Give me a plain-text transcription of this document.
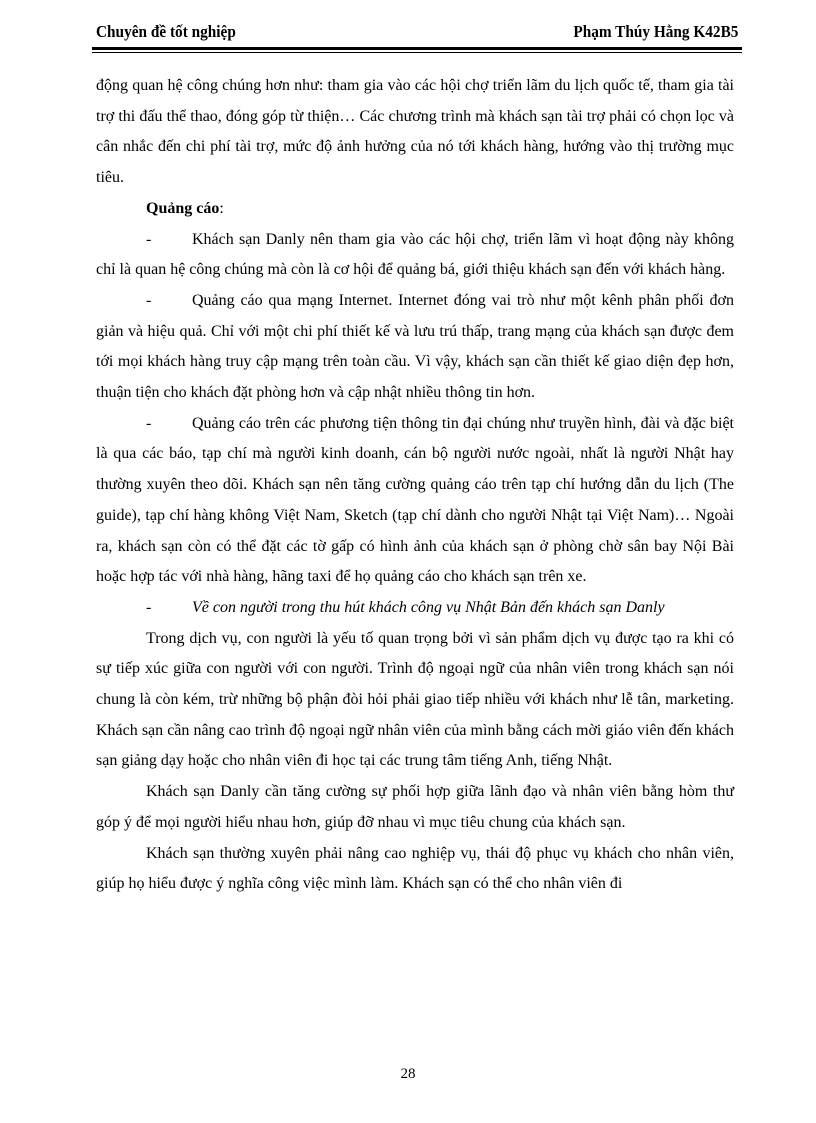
Chuyên đề tốt nghiệp	Phạm Thúy Hằng K42B5

động quan hệ công chúng hơn như: tham gia vào các hội chợ triển lãm du lịch quốc tế, tham gia tài trợ thi đấu thể thao, đóng góp từ thiện… Các chương trình mà khách sạn tài trợ phải có chọn lọc và cân nhắc đến chi phí tài trợ, mức độ ảnh hưởng của nó tới khách hàng, hướng vào thị trường mục tiêu.

Quảng cáo:

-	Khách sạn Danly nên tham gia vào các hội chợ, triển lãm vì hoạt động này không chỉ là quan hệ công chúng mà còn là cơ hội để quảng bá, giới thiệu khách sạn đến với khách hàng.

-	Quảng cáo qua mạng Internet. Internet đóng vai trò như một kênh phân phối đơn giản và hiệu quả. Chỉ với một chi phí thiết kế và lưu trú thấp, trang mạng của khách sạn được đem tới mọi khách hàng truy cập mạng trên toàn cầu. Vì vậy, khách sạn cần thiết kế giao diện đẹp hơn, thuận tiện cho khách đặt phòng hơn và cập nhật nhiều thông tin hơn.

-	Quảng cáo trên các phương tiện thông tin đại chúng như truyền hình, đài và đặc biệt là qua các báo, tạp chí mà người kinh doanh, cán bộ người nước ngoài, nhất là người Nhật hay thường xuyên theo dõi. Khách sạn nên tăng cường quảng cáo trên tạp chí hướng dẫn du lịch (The guide), tạp chí hàng không Việt Nam, Sketch (tạp chí dành cho người Nhật tại Việt Nam)… Ngoài ra, khách sạn còn có thể đặt các tờ gấp có hình ảnh của khách sạn ở phòng chờ sân bay Nội Bài hoặc hợp tác với nhà hàng, hãng taxi để họ quảng cáo cho khách sạn trên xe.

-	Về con người trong thu hút khách công vụ Nhật Bản đến khách sạn Danly

Trong dịch vụ, con người là yếu tố quan trọng bởi vì sản phẩm dịch vụ được tạo ra khi có sự tiếp xúc giữa con người với con người. Trình độ ngoại ngữ của nhân viên trong khách sạn nói chung là còn kém, trừ những bộ phận đòi hỏi phải giao tiếp nhiều với khách như lễ tân, marketing. Khách sạn cần nâng cao trình độ ngoại ngữ nhân viên của mình bằng cách mời giáo viên đến khách sạn giảng dạy hoặc cho nhân viên đi học tại các trung tâm tiếng Anh, tiếng Nhật.

Khách sạn Danly cần tăng cường sự phối hợp giữa lãnh đạo và nhân viên bằng hòm thư góp ý để mọi người hiểu nhau hơn, giúp đỡ nhau vì mục tiêu chung của khách sạn.

Khách sạn thường xuyên phải nâng cao nghiệp vụ, thái độ phục vụ khách cho nhân viên, giúp họ hiểu được ý nghĩa công việc mình làm. Khách sạn có thể cho nhân viên đi

28
